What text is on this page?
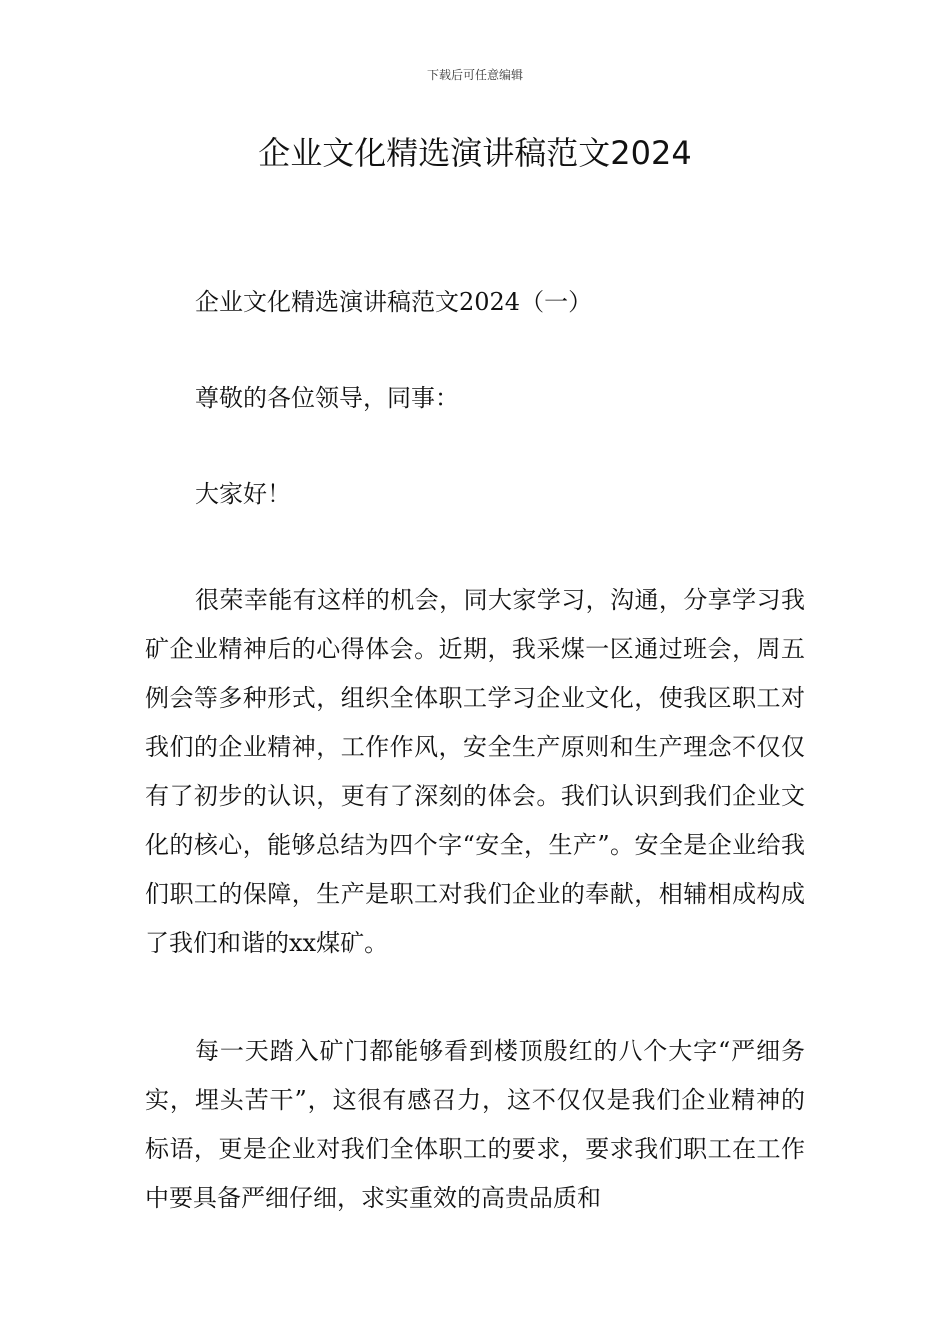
下载后可任意编辑
企业文化精选演讲稿范文2024

企业文化精选演讲稿范文2024（一）

尊敬的各位领导，同事：

大家好！

很荣幸能有这样的机会，同大家学习，沟通，分享学习我矿企业精神后的心得体会。近期，我采煤一区通过班会，周五例会等多种形式，组织全体职工学习企业文化，使我区职工对我们的企业精神，工作作风，安全生产原则和生产理念不仅仅有了初步的认识，更有了深刻的体会。我们认识到我们企业文化的核心，能够总结为四个字“安全，生产”。安全是企业给我们职工的保障，生产是职工对我们企业的奉献，相辅相成构成了我们和谐的xx煤矿。

每一天踏入矿门都能够看到楼顶殷红的八个大字“严细务实，埋头苦干”，这很有感召力，这不仅仅是我们企业精神的标语，更是企业对我们全体职工的要求，要求我们职工在工作中要具备严细仔细，求实重效的高贵品质和
